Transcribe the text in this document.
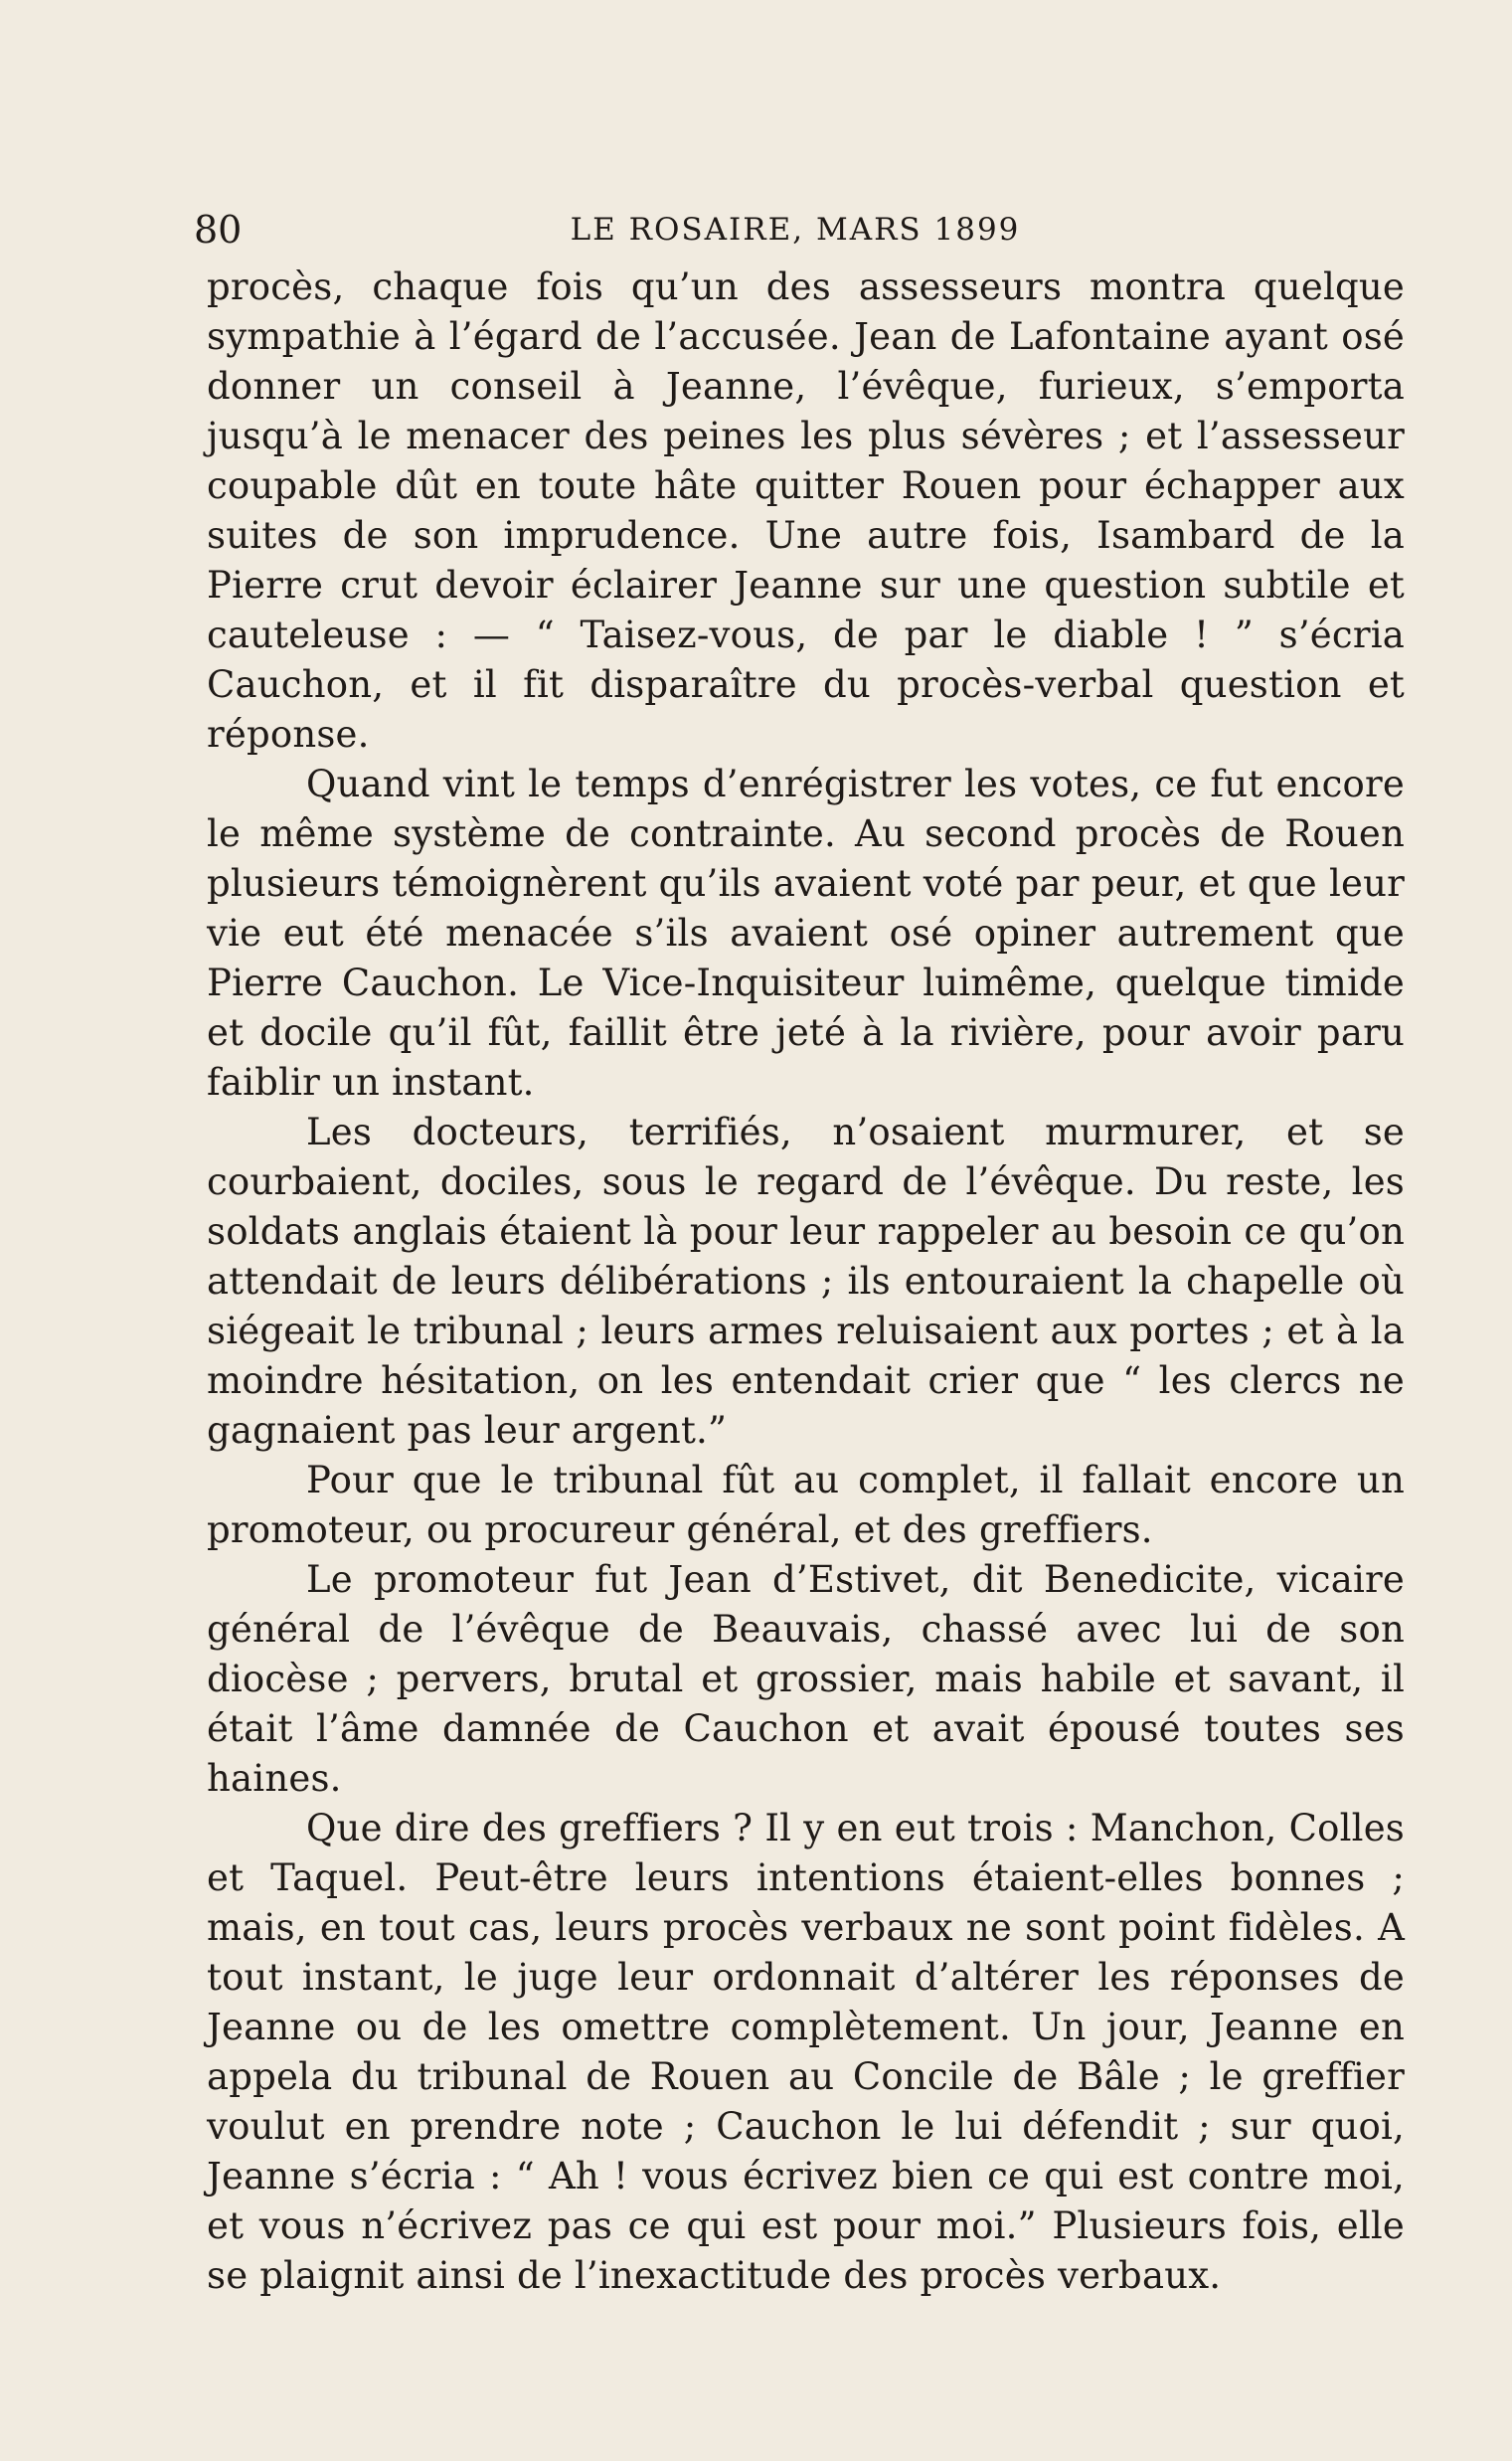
80	LE ROSAIRE, MARS 1899

procès, chaque fois qu’un des assesseurs montra quelque sympathie à l’égard de l’accusée. Jean de Lafontaine ayant osé donner un conseil à Jeanne, l’évêque, furieux, s’emporta jusqu’à le menacer des peines les plus sévères ; et l’assesseur coupable dût en toute hâte quitter Rouen pour échapper aux suites de son imprudence. Une autre fois, Isambard de la Pierre crut devoir éclairer Jeanne sur une question subtile et cauteleuse : — “ Taisez-vous, de par le diable ! ” s’écria Cauchon, et il fit disparaître du procès-verbal question et réponse.

Quand vint le temps d’enrégistrer les votes, ce fut encore le même système de contrainte. Au second procès de Rouen plusieurs témoignèrent qu’ils avaient voté par peur, et que leur vie eut été menacée s’ils avaient osé opiner autrement que Pierre Cauchon. Le Vice-Inquisiteur luimême, quelque timide et docile qu’il fût, faillit être jeté à la rivière, pour avoir paru faiblir un instant.

Les docteurs, terrifiés, n’osaient murmurer, et se courbaient, dociles, sous le regard de l’évêque. Du reste, les soldats anglais étaient là pour leur rappeler au besoin ce qu’on attendait de leurs délibérations ; ils entouraient la chapelle où siégeait le tribunal ; leurs armes reluisaient aux portes ; et à la moindre hésitation, on les entendait crier que “ les clercs ne gagnaient pas leur argent.”

Pour que le tribunal fût au complet, il fallait encore un promoteur, ou procureur général, et des greffiers.

Le promoteur fut Jean d’Estivet, dit Benedicite, vicaire général de l’évêque de Beauvais, chassé avec lui de son diocèse ; pervers, brutal et grossier, mais habile et savant, il était l’âme damnée de Cauchon et avait épousé toutes ses haines.

Que dire des greffiers ? Il y en eut trois : Manchon, Colles et Taquel. Peut-être leurs intentions étaient-elles bonnes ; mais, en tout cas, leurs procès verbaux ne sont point fidèles. A tout instant, le juge leur ordonnait d’altérer les réponses de Jeanne ou de les omettre complètement. Un jour, Jeanne en appela du tribunal de Rouen au Concile de Bâle ; le greffier voulut en prendre note ; Cauchon le lui défendit ; sur quoi, Jeanne s’écria : “ Ah ! vous écrivez bien ce qui est contre moi, et vous n’écrivez pas ce qui est pour moi.” Plusieurs fois, elle se plaignit ainsi de l’inexactitude des procès verbaux.
